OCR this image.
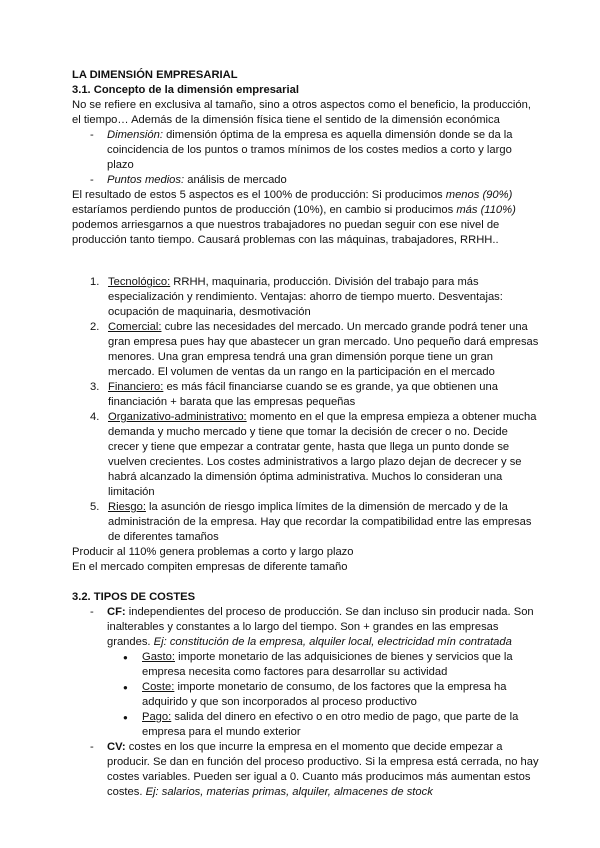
LA DIMENSIÓN EMPRESARIAL

3.1. Concepto de la dimensión empresarial

No se refiere en exclusiva al tamaño, sino a otros aspectos como el beneficio, la producción, el tiempo… Además de la dimensión física tiene el sentido de la dimensión económica

- Dimensión: dimensión óptima de la empresa es aquella dimensión donde se da la coincidencia de los puntos o tramos mínimos de los costes medios a corto y largo plazo
- Puntos medios: análisis de mercado

El resultado de estos 5 aspectos es el 100% de producción: Si producimos menos (90%) estaríamos perdiendo puntos de producción (10%), en cambio si producimos más (110%) podemos arriesgarnos a que nuestros trabajadores no puedan seguir con ese nivel de producción tanto tiempo. Causará problemas con las máquinas, trabajadores, RRHH..

1. Tecnológico: RRHH, maquinaria, producción. División del trabajo para más especialización y rendimiento. Ventajas: ahorro de tiempo muerto. Desventajas: ocupación de maquinaria, desmotivación
2. Comercial: cubre las necesidades del mercado. Un mercado grande podrá tener una gran empresa pues hay que abastecer un gran mercado. Uno pequeño dará empresas menores. Una gran empresa tendrá una gran dimensión porque tiene un gran mercado. El volumen de ventas da un rango en la participación en el mercado
3. Financiero: es más fácil financiarse cuando se es grande, ya que obtienen una financiación + barata que las empresas pequeñas
4. Organizativo-administrativo: momento en el que la empresa empieza a obtener mucha demanda y mucho mercado y tiene que tomar la decisión de crecer o no. Decide crecer y tiene que empezar a contratar gente, hasta que llega un punto donde se vuelven crecientes. Los costes administrativos a largo plazo dejan de decrecer y se habrá alcanzado la dimensión óptima administrativa. Muchos lo consideran una limitación
5. Riesgo: la asunción de riesgo implica límites de la dimensión de mercado y de la administración de la empresa. Hay que recordar la compatibilidad entre las empresas de diferentes tamaños

Producir al 110% genera problemas a corto y largo plazo

En el mercado compiten empresas de diferente tamaño

3.2. TIPOS DE COSTES

- CF: independientes del proceso de producción. Se dan incluso sin producir nada. Son inalterables y constantes a lo largo del tiempo. Son + grandes en las empresas grandes. Ej: constitución de la empresa, alquiler local, electricidad mín contratada
● Gasto: importe monetario de las adquisiciones de bienes y servicios que la empresa necesita como factores para desarrollar su actividad
● Coste: importe monetario de consumo, de los factores que la empresa ha adquirido y que son incorporados al proceso productivo
● Pago: salida del dinero en efectivo o en otro medio de pago, que parte de la empresa para el mundo exterior
- CV: costes en los que incurre la empresa en el momento que decide empezar a producir. Se dan en función del proceso productivo. Si la empresa está cerrada, no hay costes variables. Pueden ser igual a 0. Cuanto más producimos más aumentan estos costes. Ej: salarios, materias primas, alquiler, almacenes de stock
